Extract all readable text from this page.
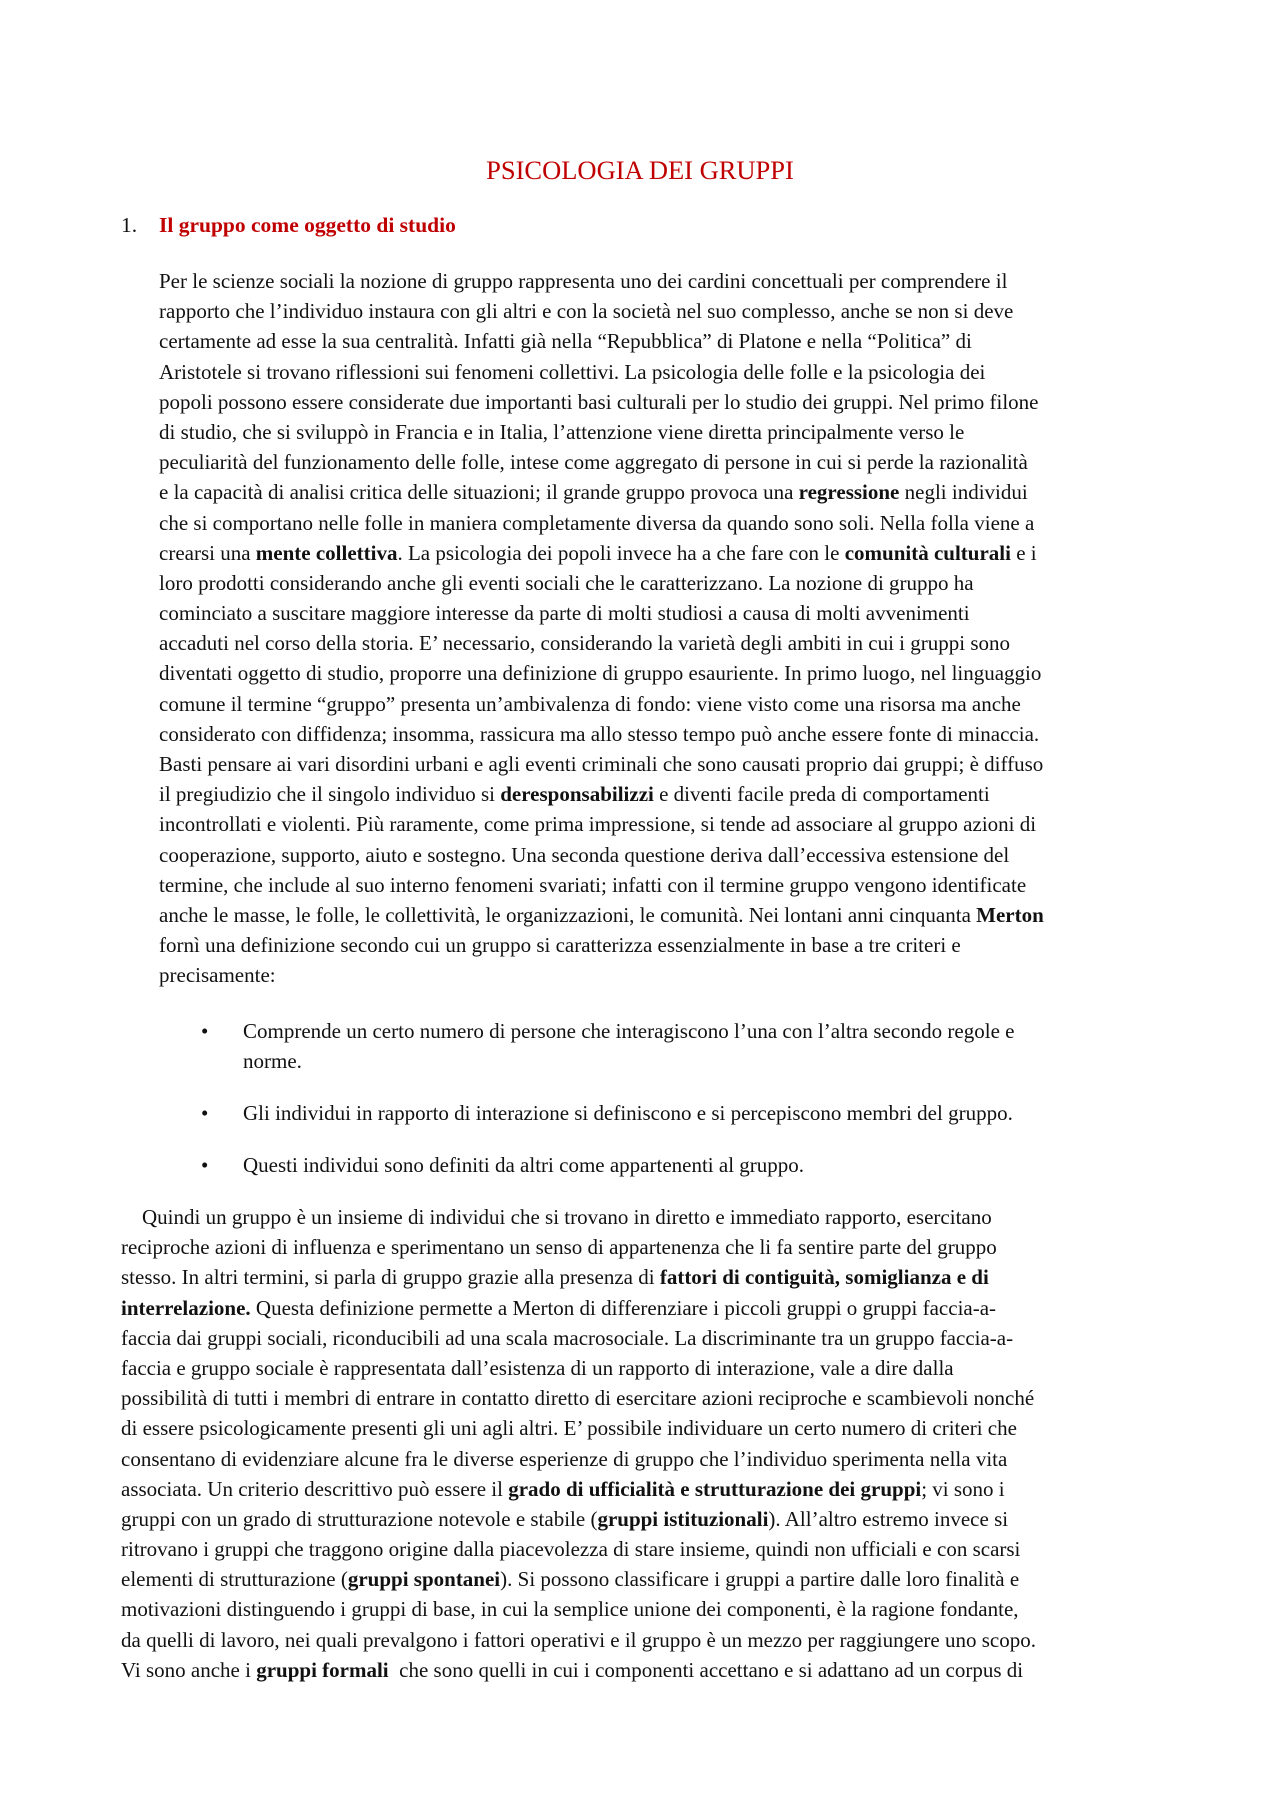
PSICOLOGIA DEI GRUPPI
1. Il gruppo come oggetto di studio
Per le scienze sociali la nozione di gruppo rappresenta uno dei cardini concettuali per comprendere il
rapporto che l’individuo instaura con gli altri e con la società nel suo complesso, anche se non si deve
certamente ad esse la sua centralità. Infatti già nella “Repubblica” di Platone e nella “Politica” di
Aristotele si trovano riflessioni sui fenomeni collettivi. La psicologia delle folle e la psicologia dei
popoli possono essere considerate due importanti basi culturali per lo studio dei gruppi. Nel primo filone
di studio, che si sviluppò in Francia e in Italia, l’attenzione viene diretta principalmente verso le
peculiarità del funzionamento delle folle, intese come aggregato di persone in cui si perde la razionalità
e la capacità di analisi critica delle situazioni; il grande gruppo provoca una regressione negli individui
che si comportano nelle folle in maniera completamente diversa da quando sono soli. Nella folla viene a
crearsi una mente collettiva. La psicologia dei popoli invece ha a che fare con le comunità culturali e i
loro prodotti considerando anche gli eventi sociali che le caratterizzano. La nozione di gruppo ha
cominciato a suscitare maggiore interesse da parte di molti studiosi a causa di molti avvenimenti
accaduti nel corso della storia. E’ necessario, considerando la varietà degli ambiti in cui i gruppi sono
diventati oggetto di studio, proporre una definizione di gruppo esauriente. In primo luogo, nel linguaggio
comune il termine “gruppo” presenta un’ambivalenza di fondo: viene visto come una risorsa ma anche
considerato con diffidenza; insomma, rassicura ma allo stesso tempo può anche essere fonte di minaccia.
Basti pensare ai vari disordini urbani e agli eventi criminali che sono causati proprio dai gruppi; è diffuso
il pregiudizio che il singolo individuo si deresponsabilizzi e diventi facile preda di comportamenti
incontrollati e violenti. Più raramente, come prima impressione, si tende ad associare al gruppo azioni di
cooperazione, supporto, aiuto e sostegno. Una seconda questione deriva dall’eccessiva estensione del
termine, che include al suo interno fenomeni svariati; infatti con il termine gruppo vengono identificate
anche le masse, le folle, le collettività, le organizzazioni, le comunità. Nei lontani anni cinquanta Merton
fornì una definizione secondo cui un gruppo si caratterizza essenzialmente in base a tre criteri e
precisamente:
• Comprende un certo numero di persone che interagiscono l’una con l’altra secondo regole e
norme.
• Gli individui in rapporto di interazione si definiscono e si percepiscono membri del gruppo.
• Questi individui sono definiti da altri come appartenenti al gruppo.
Quindi un gruppo è un insieme di individui che si trovano in diretto e immediato rapporto, esercitano
reciproche azioni di influenza e sperimentano un senso di appartenenza che li fa sentire parte del gruppo
stesso. In altri termini, si parla di gruppo grazie alla presenza di fattori di contiguità, somiglianza e di
interrelazione. Questa definizione permette a Merton di differenziare i piccoli gruppi o gruppi faccia-a-
faccia dai gruppi sociali, riconducibili ad una scala macrosociale. La discriminante tra un gruppo faccia-a-
faccia e gruppo sociale è rappresentata dall’esistenza di un rapporto di interazione, vale a dire dalla
possibilità di tutti i membri di entrare in contatto diretto di esercitare azioni reciproche e scambievoli nonché
di essere psicologicamente presenti gli uni agli altri. E’ possibile individuare un certo numero di criteri che
consentano di evidenziare alcune fra le diverse esperienze di gruppo che l’individuo sperimenta nella vita
associata. Un criterio descrittivo può essere il grado di ufficialità e strutturazione dei gruppi; vi sono i
gruppi con un grado di strutturazione notevole e stabile (gruppi istituzionali). All’altro estremo invece si
ritrovano i gruppi che traggono origine dalla piacevolezza di stare insieme, quindi non ufficiali e con scarsi
elementi di strutturazione (gruppi spontanei). Si possono classificare i gruppi a partire dalle loro finalità e
motivazioni distinguendo i gruppi di base, in cui la semplice unione dei componenti, è la ragione fondante,
da quelli di lavoro, nei quali prevalgono i fattori operativi e il gruppo è un mezzo per raggiungere uno scopo.
Vi sono anche i gruppi formali  che sono quelli in cui i componenti accettano e si adattano ad un corpus di
